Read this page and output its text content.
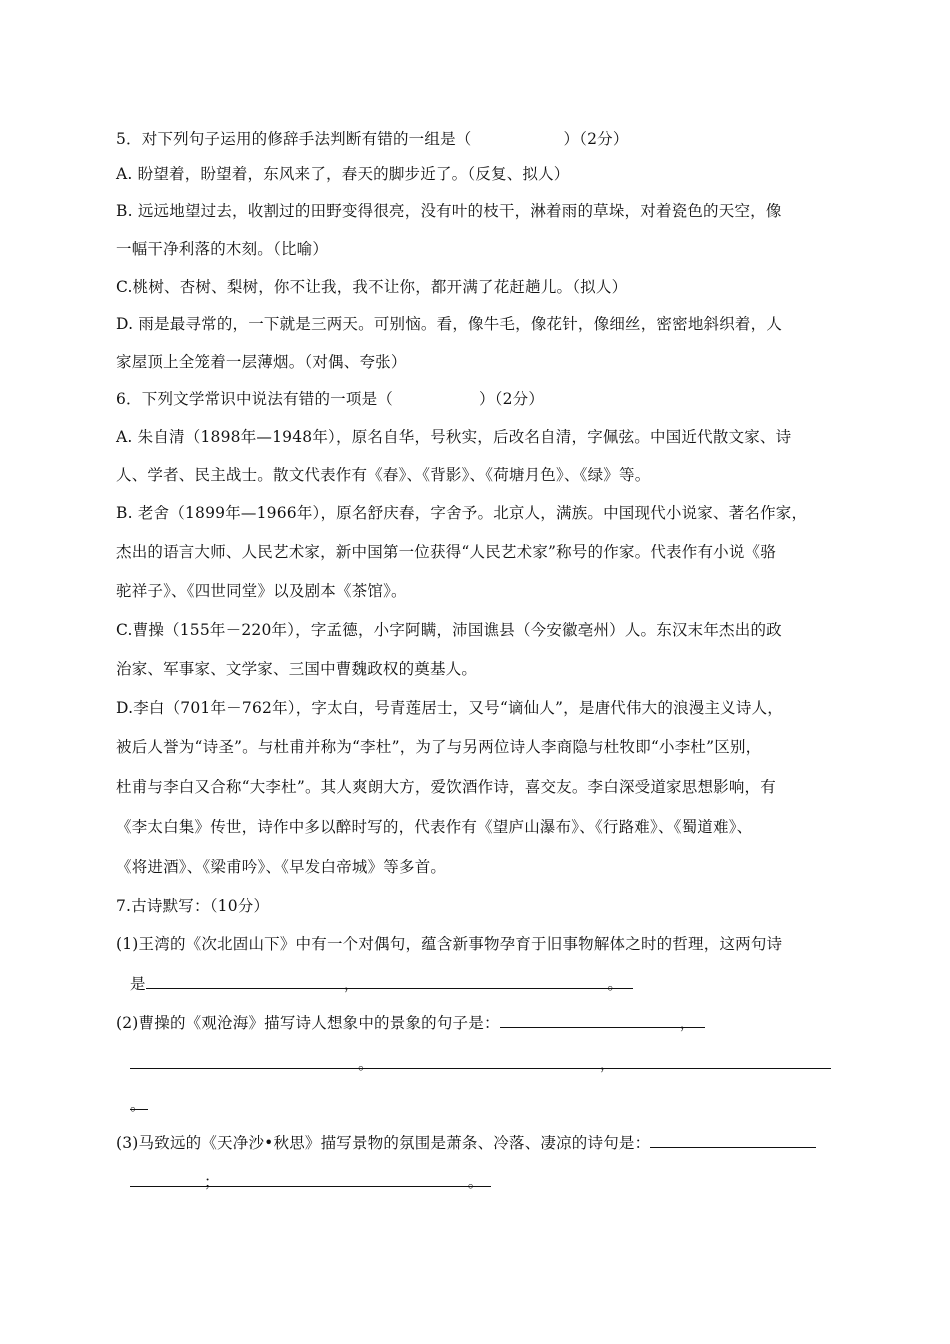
5．对下列句子运用的修辞手法判断有错的一组是（	）（2分）
A. 盼望着，盼望着，东风来了，春天的脚步近了。（反复、拟人）
B. 远远地望过去，收割过的田野变得很亮，没有叶的枝干，淋着雨的草垛，对着瓷色的天空，像
一幅干净利落的木刻。（比喻）
C.桃树、杏树、梨树，你不让我，我不让你，都开满了花赶趟儿。（拟人）
D. 雨是最寻常的，一下就是三两天。可别恼。看，像牛毛，像花针，像细丝，密密地斜织着，人
家屋顶上全笼着一层薄烟。（对偶、夸张）
6．下列文学常识中说法有错的一项是（	）（2分）
A. 朱自清（1898年—1948年），原名自华，号秋实，后改名自清，字佩弦。中国近代散文家、诗
人、学者、民主战士。散文代表作有《春》、《背影》、《荷塘月色》、《绿》等。
B. 老舍（1899年—1966年），原名舒庆春，字舍予。北京人，满族。中国现代小说家、著名作家，
杰出的语言大师、人民艺术家，新中国第一位获得“人民艺术家”称号的作家。代表作有小说《骆
驼祥子》、《四世同堂》以及剧本《茶馆》。
C.曹操（155年－220年），字孟德，小字阿瞒，沛国谯县（今安徽亳州）人。东汉末年杰出的政
治家、军事家、文学家、三国中曹魏政权的奠基人。
D.李白（701年－762年），字太白，号青莲居士，又号“谪仙人”，是唐代伟大的浪漫主义诗人，
被后人誉为“诗圣”。与杜甫并称为“李杜”，为了与另两位诗人李商隐与杜牧即“小李杜”区别，
杜甫与李白又合称“大李杜”。其人爽朗大方，爱饮酒作诗，喜交友。李白深受道家思想影响，有
《李太白集》传世，诗作中多以醉时写的，代表作有《望庐山瀑布》、《行路难》、《蜀道难》、
《将进酒》、《梁甫吟》、《早发白帝城》等多首。
7.古诗默写：（10分）
(1)王湾的《次北固山下》中有一个对偶句，蕴含新事物孕育于旧事物解体之时的哲理，这两句诗
是	，	。
(2)曹操的《观沧海》描写诗人想象中的景象的句子是：	，
。	，
。
(3)马致远的《天净沙•秋思》描写景物的氛围是萧条、冷落、凄凉的诗句是：
；	。
